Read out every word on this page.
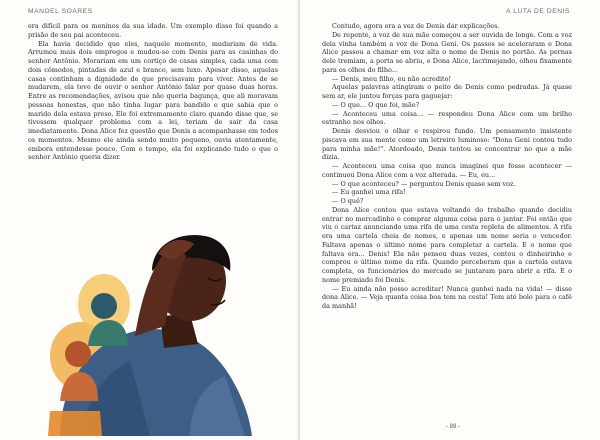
MANOEL SOARES

era difícil para os meninos da sua idade. Um exemplo disso foi quando a prisão de seu pai aconteceu.

Ela havia decidido que eles, naquele momento, mudariam de vida. Arrumou mais dois empregos e mudou-se com Denis para as casinhas do senhor Antônio. Morariam em um cortiço de casas simples, cada uma com dois cômodos, pintadas de azul e branco, sem luxo. Apesar disso, aquelas casas continham a dignidade de que precisavam para viver. Antes de se mudarem, ela teve de ouvir o senhor Antônio falar por quase duas horas. Entre as recomendações, avisou que não queria bagunça, que ali moravam pessoas honestas, que não tinha lugar para bandido e que sabia que o marido dela estava preso. Ele foi extremamente claro quando disse que, se tivessem qualquer problema com a lei, teriam de sair da casa imediatamente. Dona Alice fez questão que Denis a acompanhasse em todos os momentos. Mesmo ele ainda sendo muito pequeno, ouvia atentamente, embora entendesse pouco. Com o tempo, ela foi explicando tudo o que o senhor Antônio queria dizer.

- 85 -
A LUTA DE DENIS
- 89 -

Contudo, agora era a vez de Denis dar explicações.

De repente, a voz de sua mãe começou a ser ouvida de longe. Com a voz dela vinha também a voz de Dona Geni. Os passos se aceleraram e Dona Alice passou a chamar em voz alta o nome de Denis no portão. As pernas dele tremiam, a porta se abriu, e Dona Alice, lacrimejando, olhou fixamente para os olhos do filho...

— Denis, meu filho, eu não acredito!

Aquelas palavras atingiram o peito de Denis como pedradas. Já quase sem ar, ele juntou forças para gaguejar:

— O que... O que foi, mãe?

— Aconteceu uma coisa... — respondeu Dona Alice com um brilho estranho nos olhos.

Denis desviou o olhar e respirou fundo. Um pensamento insistente piscava em sua mente como um letreiro luminoso: "Dona Geni contou tudo para minha mãe!". Atordoado, Denis tentou se concentrar no que a mãe dizia.

— Aconteceu uma coisa que nunca imaginei que fosse acontecer — continuou Dona Alice com a voz alterada. — Eu, eu...

— O que aconteceu? — perguntou Denis quase sem voz.

— Eu ganhei uma rifa!

— O quê?

Dona Alice contou que estava voltando do trabalho quando decidiu entrar no mercadinho e comprar alguma coisa para o jantar. Foi então que viu o cartaz anunciando uma rifa de uma cesta repleta de alimentos. A rifa era uma cartela cheia de nomes, e apenas um nome seria o vencedor. Faltava apenas o último nome para completar a cartela. E o nome que faltava era... Denis! Ela não pensou duas vezes, contou o dinheirinho e comprou o último nome da rifa. Quando perceberam que a cartela estava completa, os funcionários do mercado se juntaram para abrir a rifa. E o nome premiado foi Denis.

— Eu ainda não posso acreditar! Nunca ganhei nada na vida! — disse dona Alice. — Veja quanta coisa boa tem na cesta! Tem até bolo para o café da manhã!
